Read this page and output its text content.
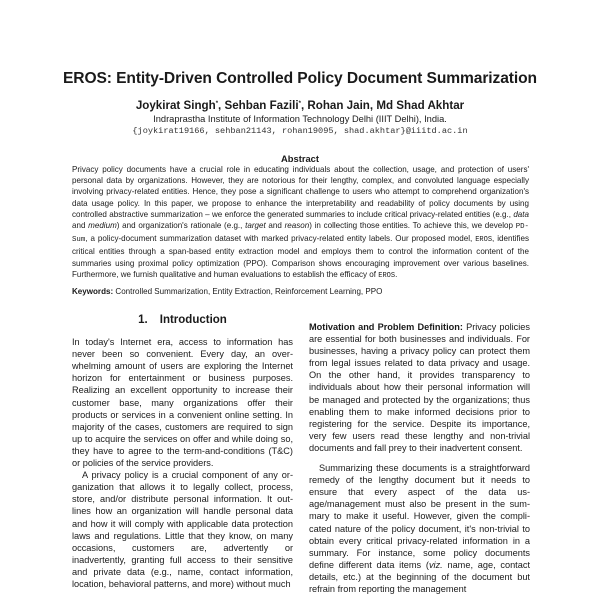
EROS: Entity-Driven Controlled Policy Document Summarization
Joykirat Singh*, Sehban Fazili*, Rohan Jain, Md Shad Akhtar
Indraprastha Institute of Information Technology Delhi (IIIT Delhi), India.
{joykirat19166, sehban21143, rohan19095, shad.akhtar}@iiitd.ac.in
Abstract
Privacy policy documents have a crucial role in educating individuals about the collection, usage, and protection of users' personal data by organizations. However, they are notorious for their lengthy, complex, and convoluted language especially involving privacy-related entities. Hence, they pose a significant challenge to users who attempt to comprehend organization's data usage policy. In this paper, we propose to enhance the interpretability and readability of policy documents by using controlled abstractive summarization – we enforce the generated summaries to include critical privacy-related entities (e.g., data and medium) and organization's rationale (e.g., target and reason) in collecting those entities. To achieve this, we develop PD-Sum, a policy-document summarization dataset with marked privacy-related entity labels. Our proposed model, EROS, identifies critical entities through a span-based entity extraction model and employs them to control the information content of the summaries using proximal policy optimization (PPO). Comparison shows encouraging improvement over various baselines. Furthermore, we furnish qualitative and human evaluations to establish the efficacy of EROS.
Keywords: Controlled Summarization, Entity Extraction, Reinforcement Learning, PPO
1. Introduction

In today's Internet era, access to information has never been so convenient. Every day, an overwhelming amount of users are exploring the Internet horizon for entertainment or business purposes. Realizing an excellent opportunity to increase their customer base, many organizations offer their products or services in a convenient online setting. In majority of the cases, customers are required to sign up to acquire the services on offer and while doing so, they have to agree to the term-and-conditions (T&C) or policies of the service providers.

A privacy policy is a crucial component of any organization that allows it to legally collect, process, store, and/or distribute personal information. It outlines how an organization will handle personal data and how it will comply with applicable data protection laws and regulations. Little that they know, on many occasions, customers are, advertently or inadvertently, granting full access to their sensitive and private data (e.g., name, contact information, location, behavioral patterns, and more) without much

Motivation and Problem Definition: Privacy policies are essential for both businesses and individuals. For businesses, having a privacy policy can protect them from legal issues related to data privacy and usage. On the other hand, it provides transparency to individuals about how their personal information will be managed and protected by the organizations; thus enabling them to make informed decisions prior to registering for the service. Despite its importance, very few users read these lengthy and non-trivial documents and fall prey to their inadvertent consent.

Summarizing these documents is a straightforward remedy of the lengthy document but it needs to ensure that every aspect of the data usage/management must also be present in the summary to make it useful. However, given the complicated nature of the policy document, it's non-trivial to obtain every critical privacy-related information in a summary. For instance, some policy documents define different data items (viz. name, age, contact details, etc.) at the beginning of the document but refrain from reporting the management
